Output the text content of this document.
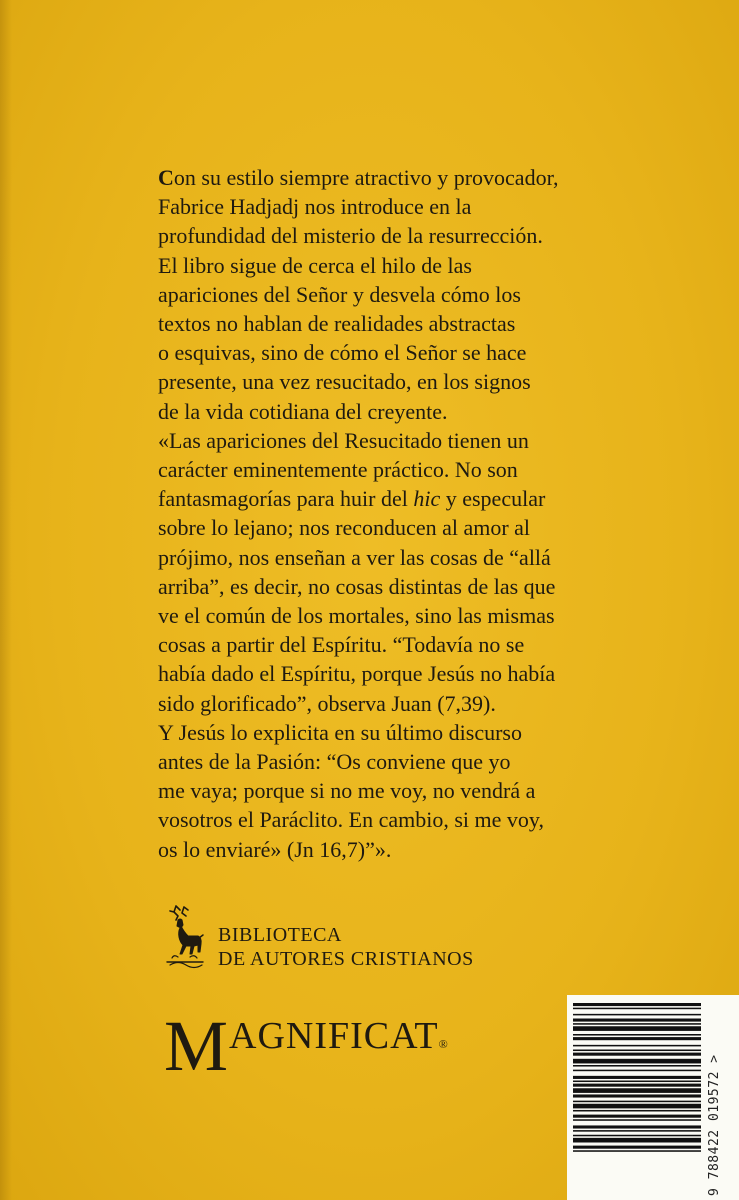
Con su estilo siempre atractivo y provocador,

Fabrice Hadjadj nos introduce en la

profundidad del misterio de la resurrección.

El libro sigue de cerca el hilo de las

apariciones del Señor y desvela cómo los

textos no hablan de realidades abstractas

o esquivas, sino de cómo el Señor se hace

presente, una vez resucitado, en los signos

de la vida cotidiana del creyente.

«Las apariciones del Resucitado tienen un

carácter eminentemente práctico. No son

fantasmagorías para huir del hic y especular

sobre lo lejano; nos reconducen al amor al

prójimo, nos enseñan a ver las cosas de “allá

arriba”, es decir, no cosas distintas de las que

ve el común de los mortales, sino las mismas

cosas a partir del Espíritu. “Todavía no se

había dado el Espíritu, porque Jesús no había

sido glorificado”, observa Juan (7,39).

Y Jesús lo explicita en su último discurso

antes de la Pasión: “Os conviene que yo

me vaya; porque si no me voy, no vendrá a

vosotros el Paráclito. En cambio, si me voy,

os lo enviaré» (Jn 16,7)”».

BIBLIOTECA
DE AUTORES CRISTIANOS
MAGNIFICAT®
9 788422 019572 >
